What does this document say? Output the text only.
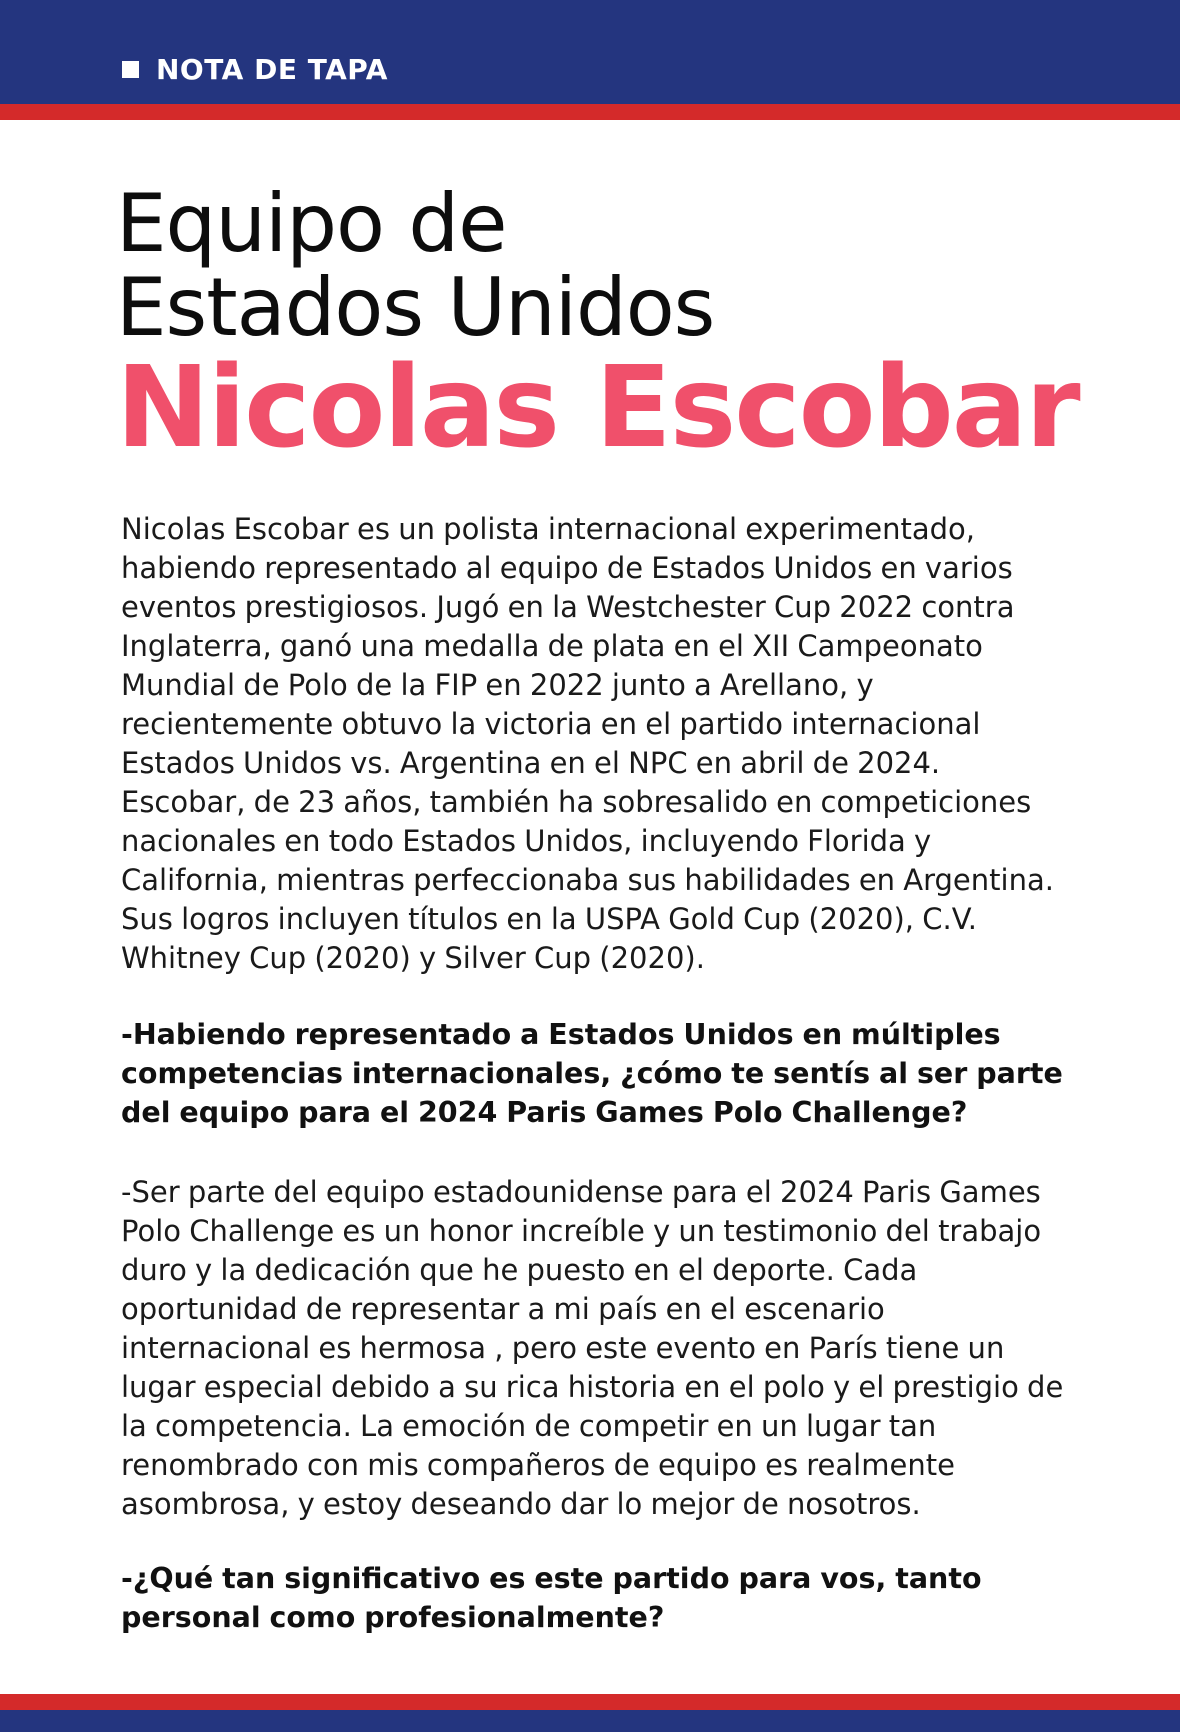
NOTA DE TAPA
Equipo de
Estados Unidos
Nicolas Escobar

Nicolas Escobar es un polista internacional experimentado, habiendo representado al equipo de Estados Unidos en varios eventos prestigiosos. Jugó en la Westchester Cup 2022 contra Inglaterra, ganó una medalla de plata en el XII Campeonato Mundial de Polo de la FIP en 2022 junto a Arellano, y recientemente obtuvo la victoria en el partido internacional Estados Unidos vs. Argentina en el NPC en abril de 2024. Escobar, de 23 años, también ha sobresalido en competiciones nacionales en todo Estados Unidos, incluyendo Florida y California, mientras perfeccionaba sus habilidades en Argentina. Sus logros incluyen títulos en la USPA Gold Cup (2020), C.V. Whitney Cup (2020) y Silver Cup (2020).

-Habiendo representado a Estados Unidos en múltiples competencias internacionales, ¿cómo te sentís al ser parte del equipo para el 2024 Paris Games Polo Challenge?

-Ser parte del equipo estadounidense para el 2024 Paris Games Polo Challenge es un honor increíble y un testimonio del trabajo duro y la dedicación que he puesto en el deporte. Cada oportunidad de representar a mi país en el escenario internacional es hermosa , pero este evento en París tiene un lugar especial debido a su rica historia en el polo y el prestigio de la competencia. La emoción de competir en un lugar tan renombrado con mis compañeros de equipo es realmente asombrosa, y estoy deseando dar lo mejor de nosotros.

-¿Qué tan significativo es este partido para vos, tanto personal como profesionalmente?
